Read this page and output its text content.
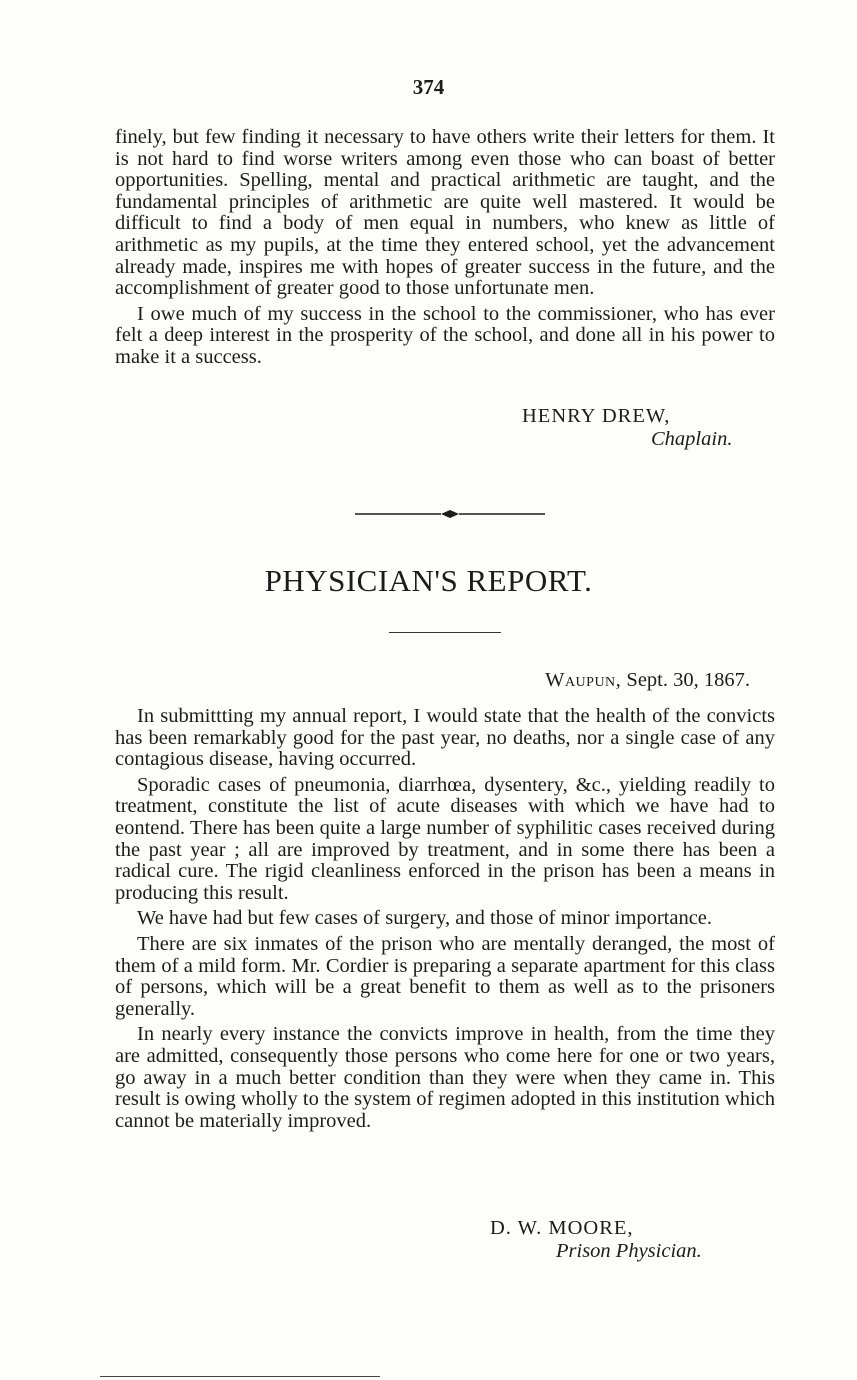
374

finely, but few finding it necessary to have others write their letters for them. It is not hard to find worse writers among even those who can boast of better opportunities. Spelling, mental and practical arithmetic are taught, and the fundamental principles of arithmetic are quite well mastered. It would be difficult to find a body of men equal in numbers, who knew as little of arithmetic as my pupils, at the time they entered school, yet the advancement already made, inspires me with hopes of greater success in the future, and the accomplishment of greater good to those unfortunate men.

I owe much of my success in the school to the commissioner, who has ever felt a deep interest in the prosperity of the school, and done all in his power to make it a success.

HENRY DREW,
Chaplain.
PHYSICIAN'S REPORT.
Waupun, Sept. 30, 1867.

In submittting my annual report, I would state that the health of the convicts has been remarkably good for the past year, no deaths, nor a single case of any contagious disease, having occurred.

Sporadic cases of pneumonia, diarrhœa, dysentery, &c., yielding readily to treatment, constitute the list of acute diseases with which we have had to eontend. There has been quite a large number of syphilitic cases received during the past year ; all are improved by treatment, and in some there has been a radical cure. The rigid cleanliness enforced in the prison has been a means in producing this result.

We have had but few cases of surgery, and those of minor importance.

There are six inmates of the prison who are mentally deranged, the most of them of a mild form. Mr. Cordier is preparing a separate apartment for this class of persons, which will be a great benefit to them as well as to the prisoners generally.

In nearly every instance the convicts improve in health, from the time they are admitted, consequently those persons who come here for one or two years, go away in a much better condition than they were when they came in. This result is owing wholly to the system of regimen adopted in this institution which cannot be materially improved.

D. W. MOORE,
Prison Physician.
